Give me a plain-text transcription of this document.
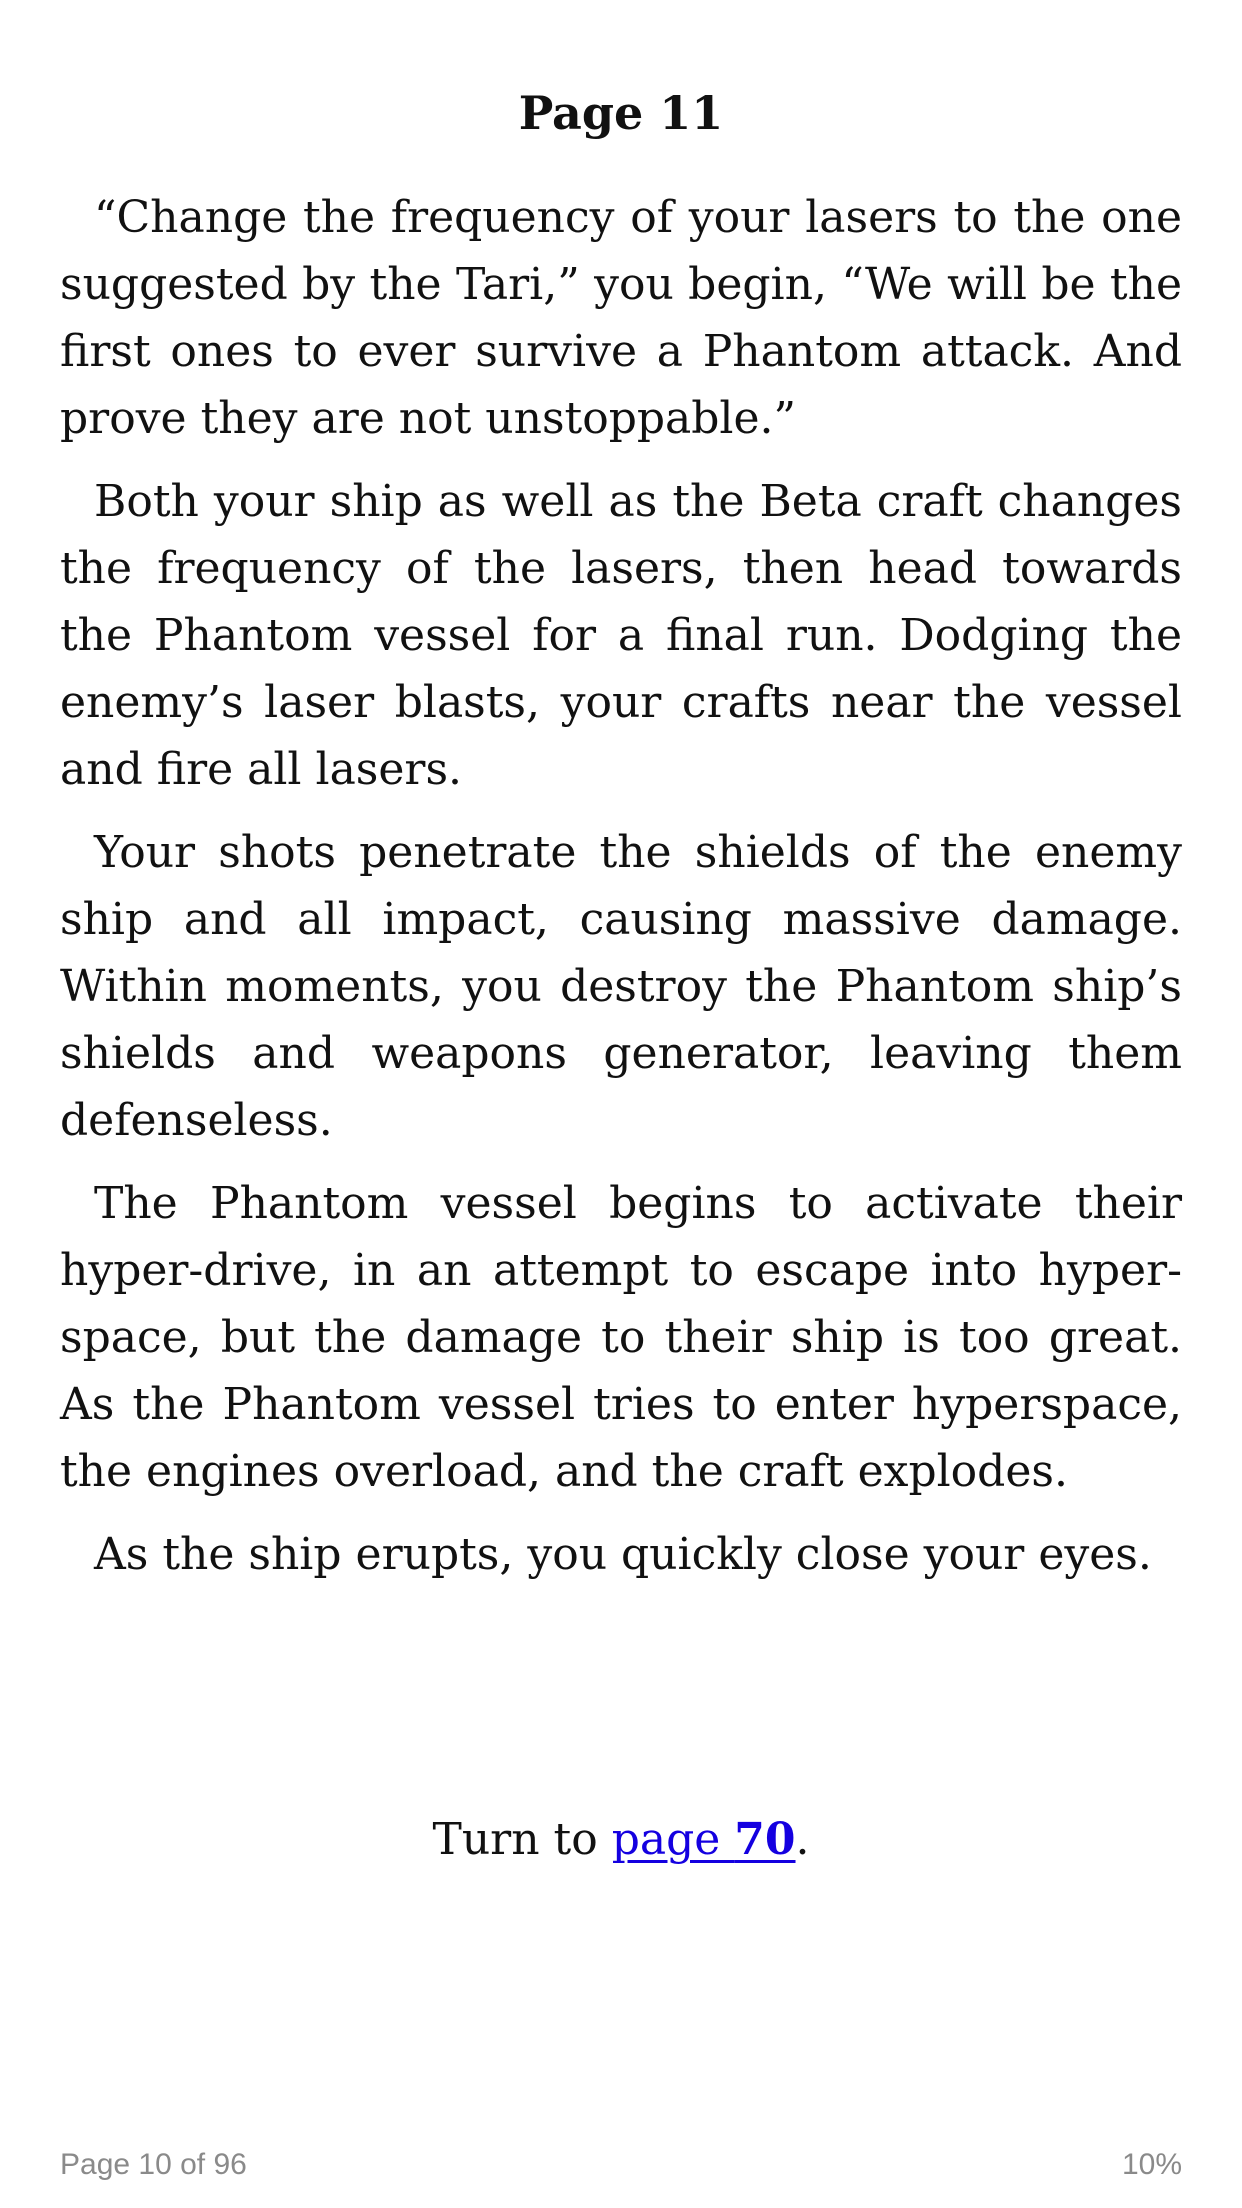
Page 11

“Change the frequency of your lasers to the one suggested by the Tari,” you begin, “We will be the first ones to ever survive a Phantom attack. And prove they are not unstoppable.”

Both your ship as well as the Beta craft changes the frequency of the lasers, then head towards the Phantom vessel for a final run. Dodging the enemy’s laser blasts, your crafts near the vessel and fire all lasers.

Your shots penetrate the shields of the enemy ship and all impact, causing massive damage. Within moments, you destroy the Phantom ship’s shields and weapons generator, leaving them defenseless.

The Phantom vessel begins to activate their hyper-drive, in an attempt to escape into hyperspace, but the damage to their ship is too great. As the Phantom vessel tries to enter hyperspace, the engines overload, and the craft explodes.

As the ship erupts, you quickly close your eyes.

Turn to page 70.

Page 10 of 96	10%
